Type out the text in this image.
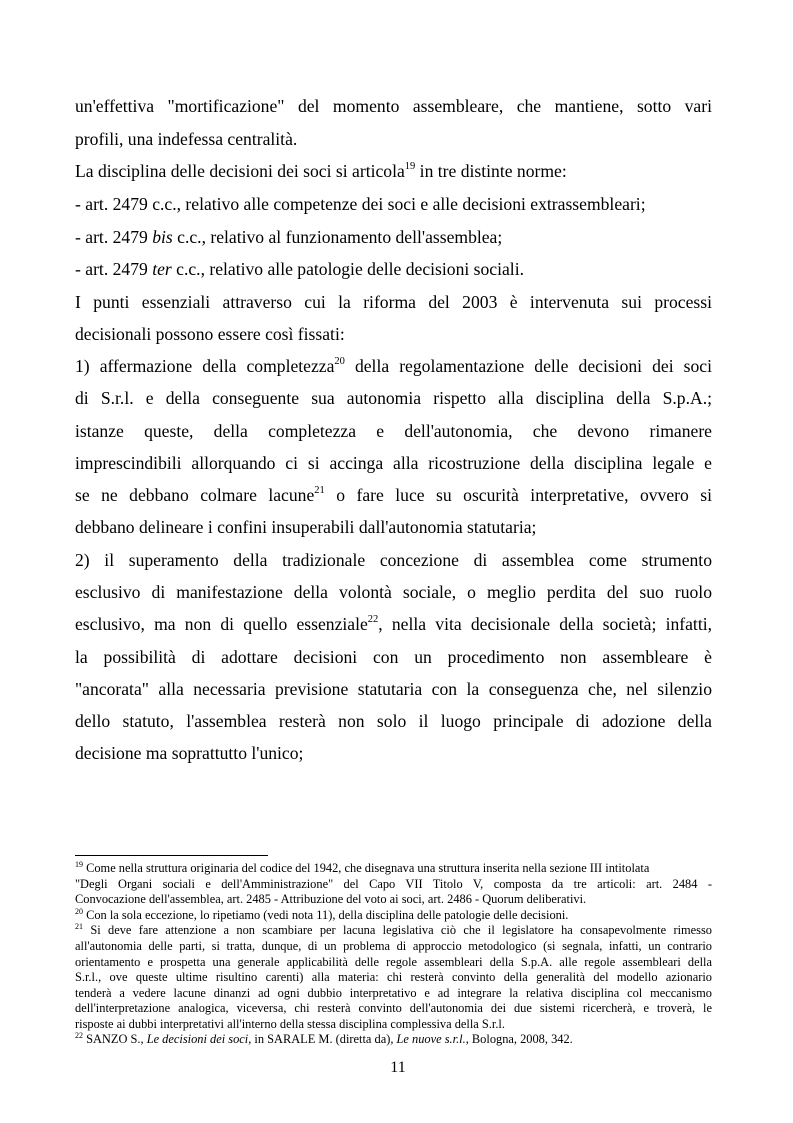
un'effettiva "mortificazione" del momento assembleare, che mantiene, sotto vari

profili, una indefessa centralità.

La disciplina delle decisioni dei soci si articola$^{19}$ in tre distinte norme:

- art. 2479 c.c., relativo alle competenze dei soci e alle decisioni extrassembleari;

- art. 2479 bis c.c., relativo al funzionamento dell'assemblea;

- art. 2479 ter c.c., relativo alle patologie delle decisioni sociali.

I punti essenziali attraverso cui la riforma del 2003 è intervenuta sui processi

decisionali possono essere così fissati:

1) affermazione della completezza$^{20}$ della regolamentazione delle decisioni dei soci

di S.r.l. e della conseguente sua autonomia rispetto alla disciplina della S.p.A.;

istanze queste, della completezza e dell'autonomia, che devono rimanere

imprescindibili allorquando ci si accinga alla ricostruzione della disciplina legale e

se ne debbano colmare lacune$^{21}$ o fare luce su oscurità interpretative, ovvero si

debbano delineare i confini insuperabili dall'autonomia statutaria;

2) il superamento della tradizionale concezione di assemblea come strumento

esclusivo di manifestazione della volontà sociale, o meglio perdita del suo ruolo

esclusivo, ma non di quello essenziale$^{22}$, nella vita decisionale della società; infatti,

la possibilità di adottare decisioni con un procedimento non assembleare è

"ancorata" alla necessaria previsione statutaria con la conseguenza che, nel silenzio

dello statuto, l'assemblea resterà non solo il luogo principale di adozione della

decisione ma soprattutto l'unico;

$^{19}$ Come nella struttura originaria del codice del 1942, che disegnava una struttura inserita nella sezione III intitolata

"Degli Organi sociali e dell'Amministrazione" del Capo VII Titolo V, composta da tre articoli: art. 2484 -

Convocazione dell'assemblea, art. 2485 - Attribuzione del voto ai soci, art. 2486 - Quorum deliberativi.

$^{20}$ Con la sola eccezione, lo ripetiamo (vedi nota 11), della disciplina delle patologie delle decisioni.

$^{21}$ Si deve fare attenzione a non scambiare per lacuna legislativa ciò che il legislatore ha consapevolmente rimesso

all'autonomia delle parti, si tratta, dunque, di un problema di approccio metodologico (si segnala, infatti, un contrario

orientamento e prospetta una generale applicabilità delle regole assembleari della S.p.A. alle regole assembleari della

S.r.l., ove queste ultime risultino carenti) alla materia: chi resterà convinto della generalità del modello azionario

tenderà a vedere lacune dinanzi ad ogni dubbio interpretativo e ad integrare la relativa disciplina col meccanismo

dell'interpretazione analogica, viceversa, chi resterà convinto dell'autonomia dei due sistemi ricercherà, e troverà, le

risposte ai dubbi interpretativi all'interno della stessa disciplina complessiva della S.r.l.

$^{22}$ SANZO S., Le decisioni dei soci, in SARALE M. (diretta da), Le nuove s.r.l., Bologna, 2008, 342.

11
